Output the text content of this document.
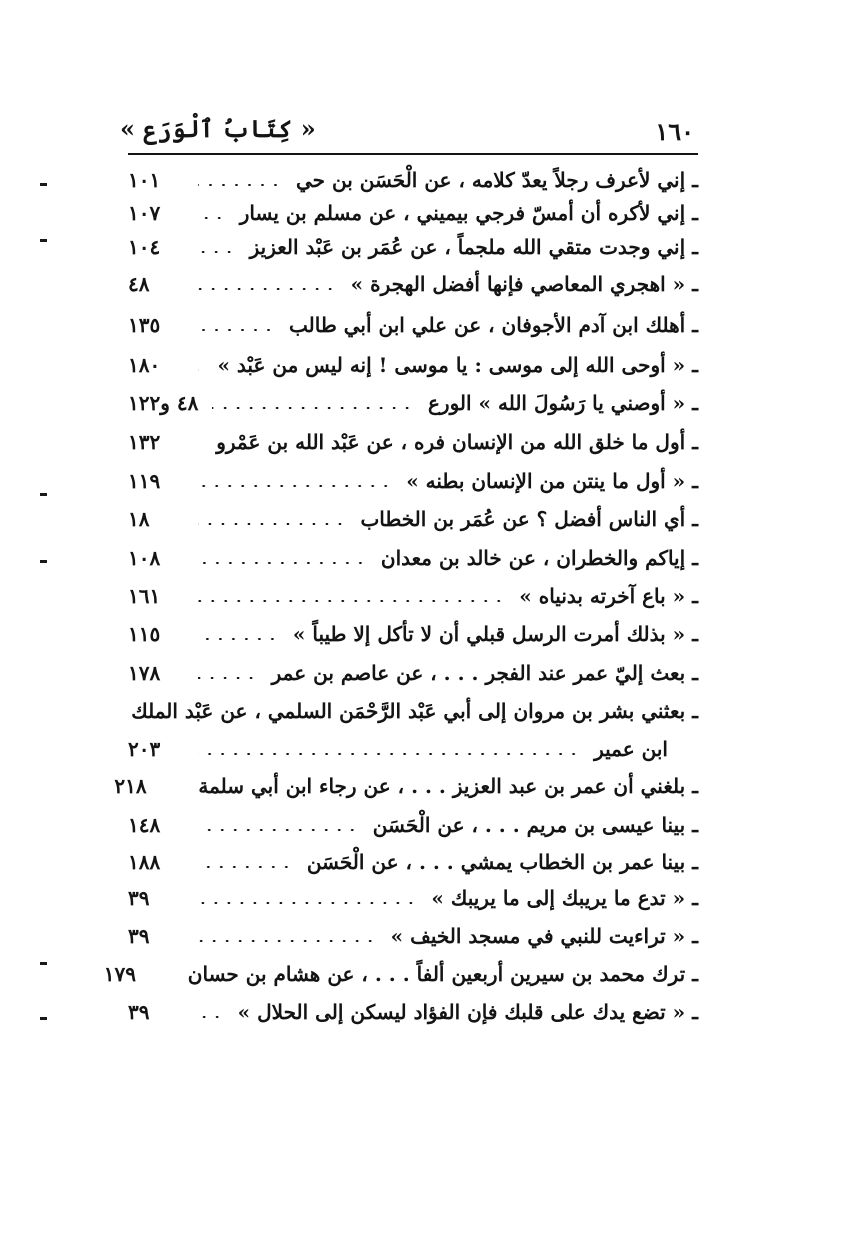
١٦٠
« كِتَابُ ٱلْوَرَع »
ـ إني لأعرف رجلاً يعدّ كلامه ، عن الْحَسَن بن حي
١٠١
ـ إني لأكره أن أمسّ فرجي بيميني ، عن مسلم بن يسار
١٠٧
ـ إني وجدت متقي الله ملجماً ، عن عُمَر بن عَبْد العزيز
١٠٤
ـ « اهجري المعاصي فإنها أفضل الهجرة »
٤٨
ـ أهلك ابن آدم الأجوفان ، عن علي ابن أبي طالب
١٣٥
ـ « أوحى الله إلى موسى : يا موسى ! إنه ليس من عَبْد »
١٨٠
ـ « أوصني يا رَسُولَ الله » الورع
٤٨ و١٢٢
ـ أول ما خلق الله من الإنسان فره ، عن عَبْد الله بن عَمْرو
١٣٢
ـ « أول ما ينتن من الإنسان بطنه »
١١٩
ـ أي الناس أفضل ؟ عن عُمَر بن الخطاب
١٨
ـ إياكم والخطران ، عن خالد بن معدان
١٠٨
ـ « باع آخرته بدنياه »
١٦١
ـ « بذلك أمرت الرسل قبلي أن لا تأكل إلا طيباً »
١١٥
ـ بعث إليّ عمر عند الفجر . . . ، عن عاصم بن عمر
١٧٨
ـ بعثني بشر بن مروان إلى أبي عَبْد الرَّحْمَن السلمي ، عن عَبْد الملك
ابن عمير
٢٠٣
ـ بلغني أن عمر بن عبد العزيز . . . ، عن رجاء ابن أبي سلمة
٢١٨
ـ بينا عيسى بن مريم . . . ، عن الْحَسَن
١٤٨
ـ بينا عمر بن الخطاب يمشي . . . ، عن الْحَسَن
١٨٨
ـ « تدع ما يريبك إلى ما يريبك »
٣٩
ـ « تراءيت للنبي في مسجد الخيف »
٣٩
ـ ترك محمد بن سيرين أربعين ألفاً . . . ، عن هشام بن حسان
١٧٩
ـ « تضع يدك على قلبك فإن الفؤاد ليسكن إلى الحلال »
٣٩
